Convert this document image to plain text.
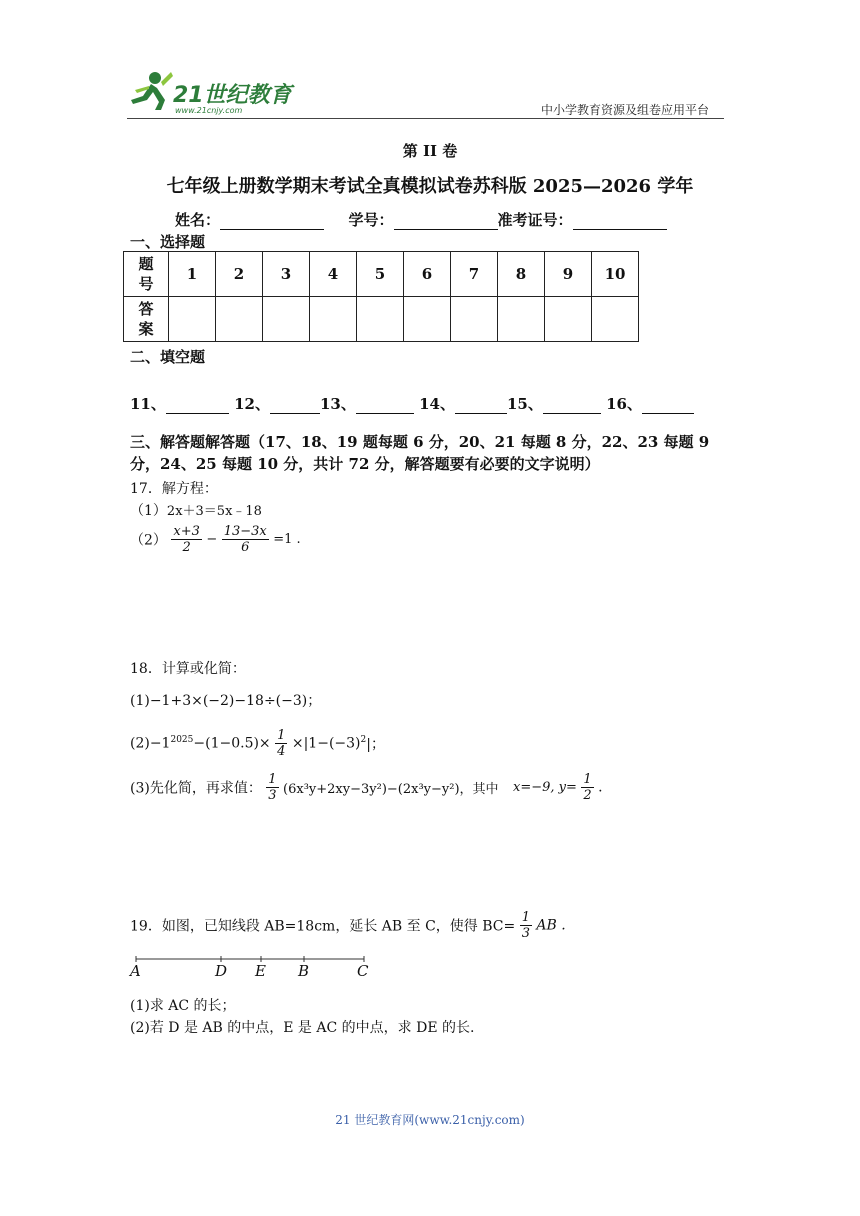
21世纪教育
www.21cnjy.com	中小学教育资源及组卷应用平台
第 II 卷
七年级上册数学期末考试全真模拟试卷苏科版 2025—2026 学年
姓名：	学号：	准考证号：
一、选择题
题
号	1	2	3	4	5	6	7	8	9	10
答
案										
二、填空题
11、	12、	13、	14、	15、	16、
三、解答题解答题（17、18、19 题每题 6 分，20、21 每题 8 分，22、23 每题 9
分，24、25 每题 10 分，共计 72 分，解答题要有必要的文字说明）
17．解方程：
（1）2x＋3＝5x﹣18
$(2) \frac{x+3}{2} - \frac{13-3x}{6} =1$ .
18．计算或化简：
(1)−1+3×(−2)−18÷(−3)；
$(2)-1^{2025}-(1-0.5)\times \frac{1}{4} \times|1-(-3)^2|$；
(3)先化简，再求值： $\frac{1}{3} (6x^3y+2xy-3y^2)-(2x^3y-y^2)$，其中 x=−9, $y= \frac{1}{2}$ .
19．如图，已知线段 AB=18cm，延长 AB 至 C，使得 $BC= \frac{1}{3}$ AB .
A	D E B	C
(1)求 AC 的长；
(2)若 D 是 AB 的中点，E 是 AC 的中点，求 DE 的长.
21 世纪教育网(www.21cnjy.com)
